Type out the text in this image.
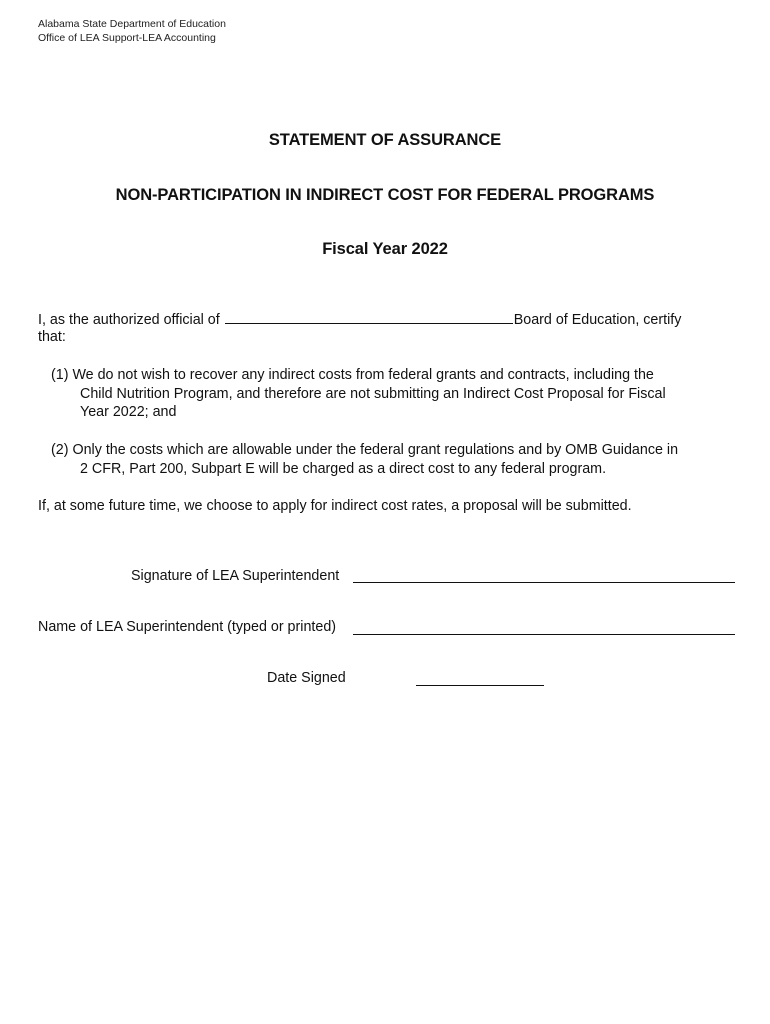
Alabama State Department of Education
Office of LEA Support-LEA Accounting
STATEMENT OF ASSURANCE
NON-PARTICIPATION IN INDIRECT COST FOR FEDERAL PROGRAMS
Fiscal Year 2022
I, as the authorized official of	Board of Education, certify
that:
(1) We do not wish to recover any indirect costs from federal grants and contracts, including the
Child Nutrition Program, and therefore are not submitting an Indirect Cost Proposal for Fiscal
Year 2022; and
(2) Only the costs which are allowable under the federal grant regulations and by OMB Guidance in
2 CFR, Part 200, Subpart E will be charged as a direct cost to any federal program.
If, at some future time, we choose to apply for indirect cost rates, a proposal will be submitted.
Signature of LEA Superintendent
Name of LEA Superintendent (typed or printed)
Date Signed
